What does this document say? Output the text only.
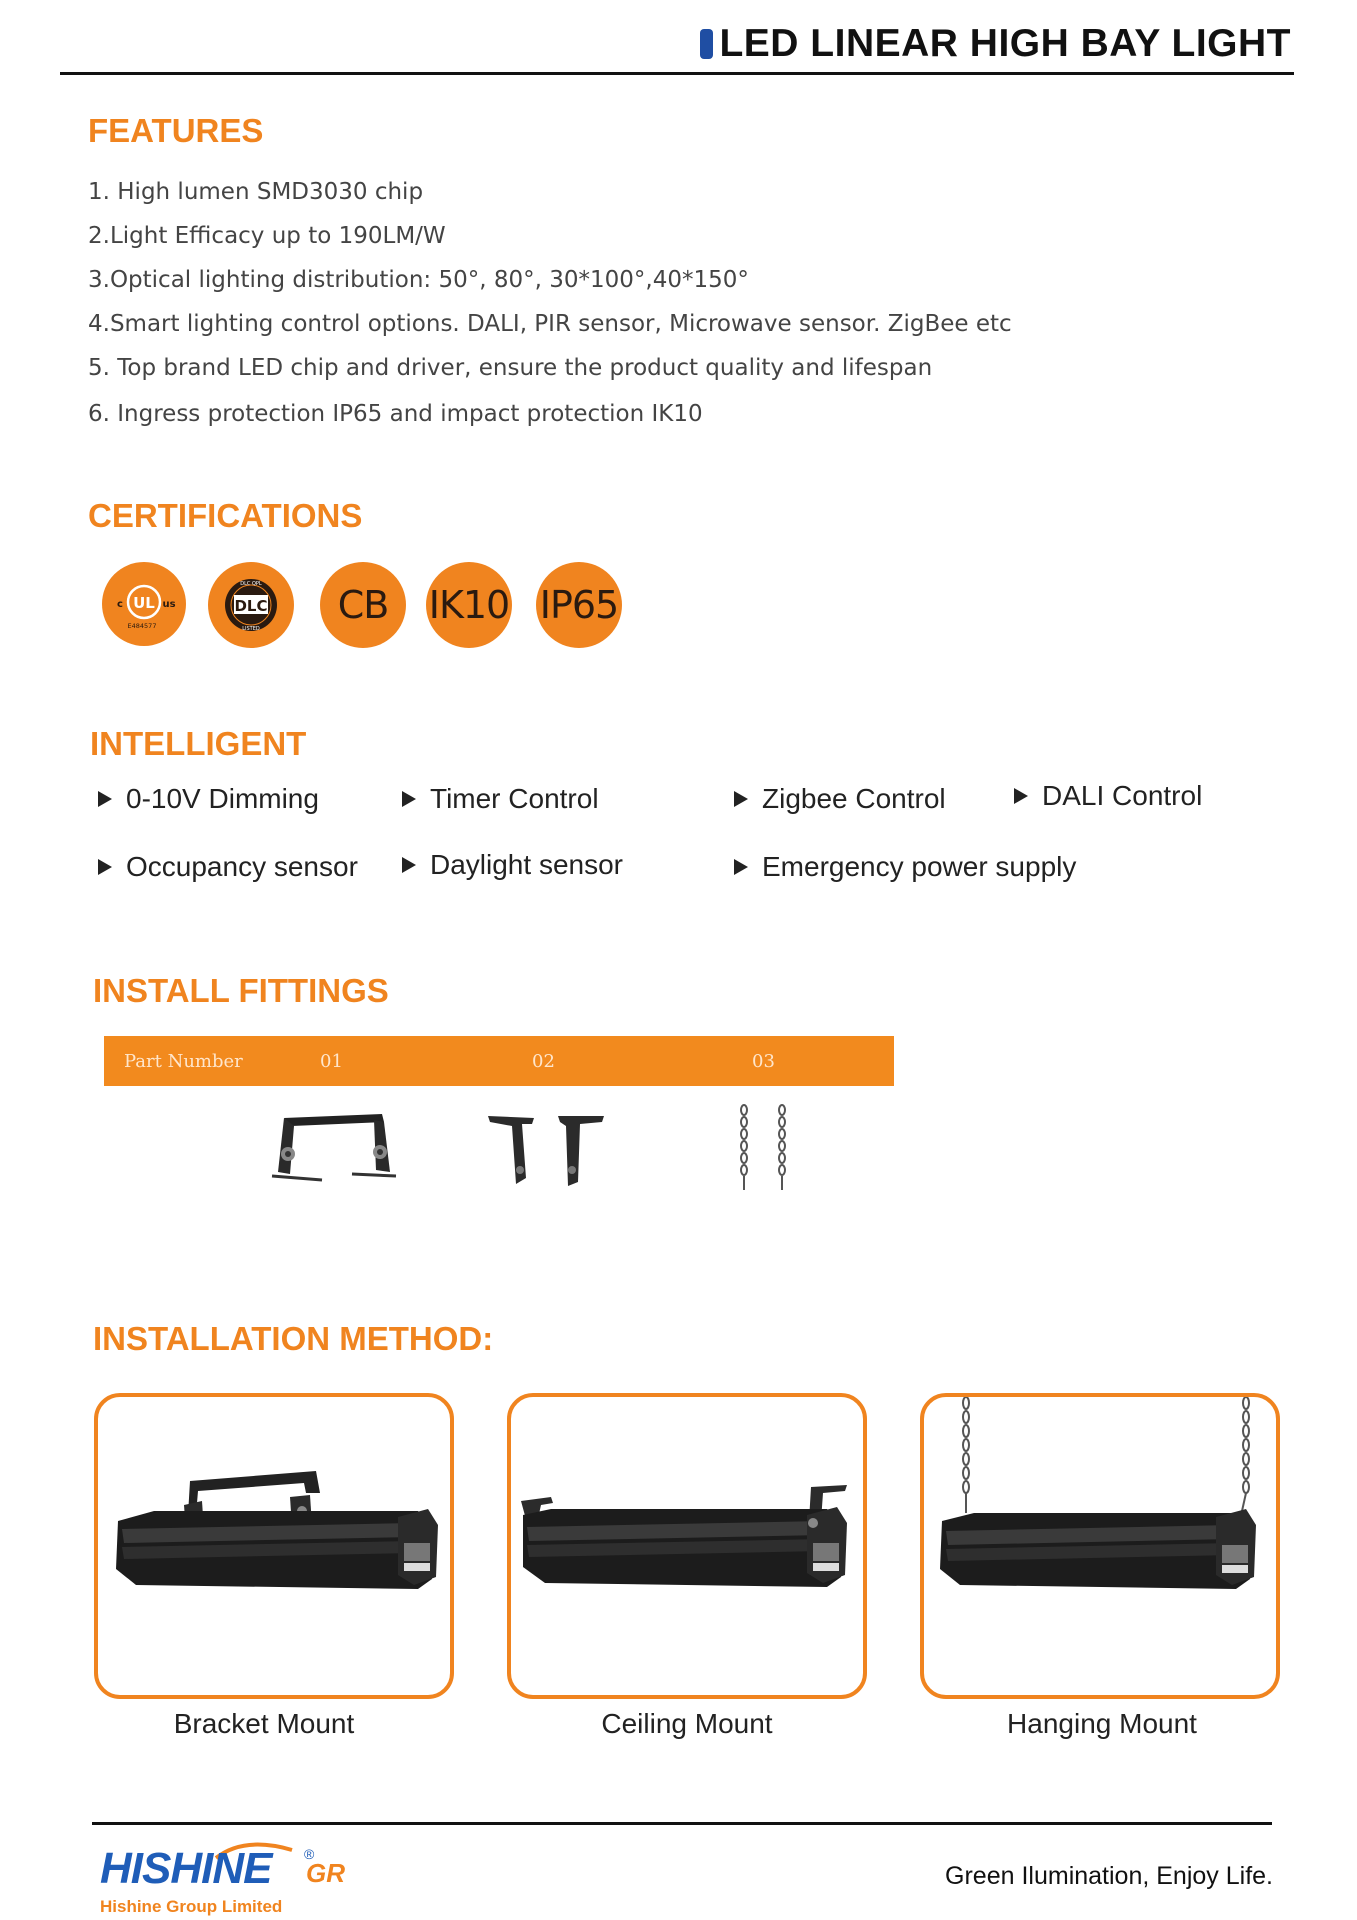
LED LINEAR HIGH BAY LIGHT
FEATURES
1. High lumen SMD3030 chip
2.Light Efficacy up to 190LM/W
3.Optical lighting distribution: 50°, 80°, 30*100°,40*150°
4.Smart lighting control options. DALI, PIR sensor, Microwave sensor. ZigBee etc
5. Top brand LED chip and driver, ensure the product quality and lifespan
6. Ingress protection IP65 and impact protection IK10
CERTIFICATIONS
UL
c	us
E484577
DLC QPL
LISTED
DLC CB IK10 IP65
INTELLIGENT
0-10V Dimming	Timer Control	Zigbee Control	DALI Control
Occupancy sensor	Daylight sensor	Emergency power supply
INSTALL FITTINGS
Part Number	01	02	03
INSTALLATION METHOD:
Bracket Mount	Ceiling Mount	Hanging Mount
HISHINE GR
®
Hishine Group Limited
Green Ilumination, Enjoy Life.
